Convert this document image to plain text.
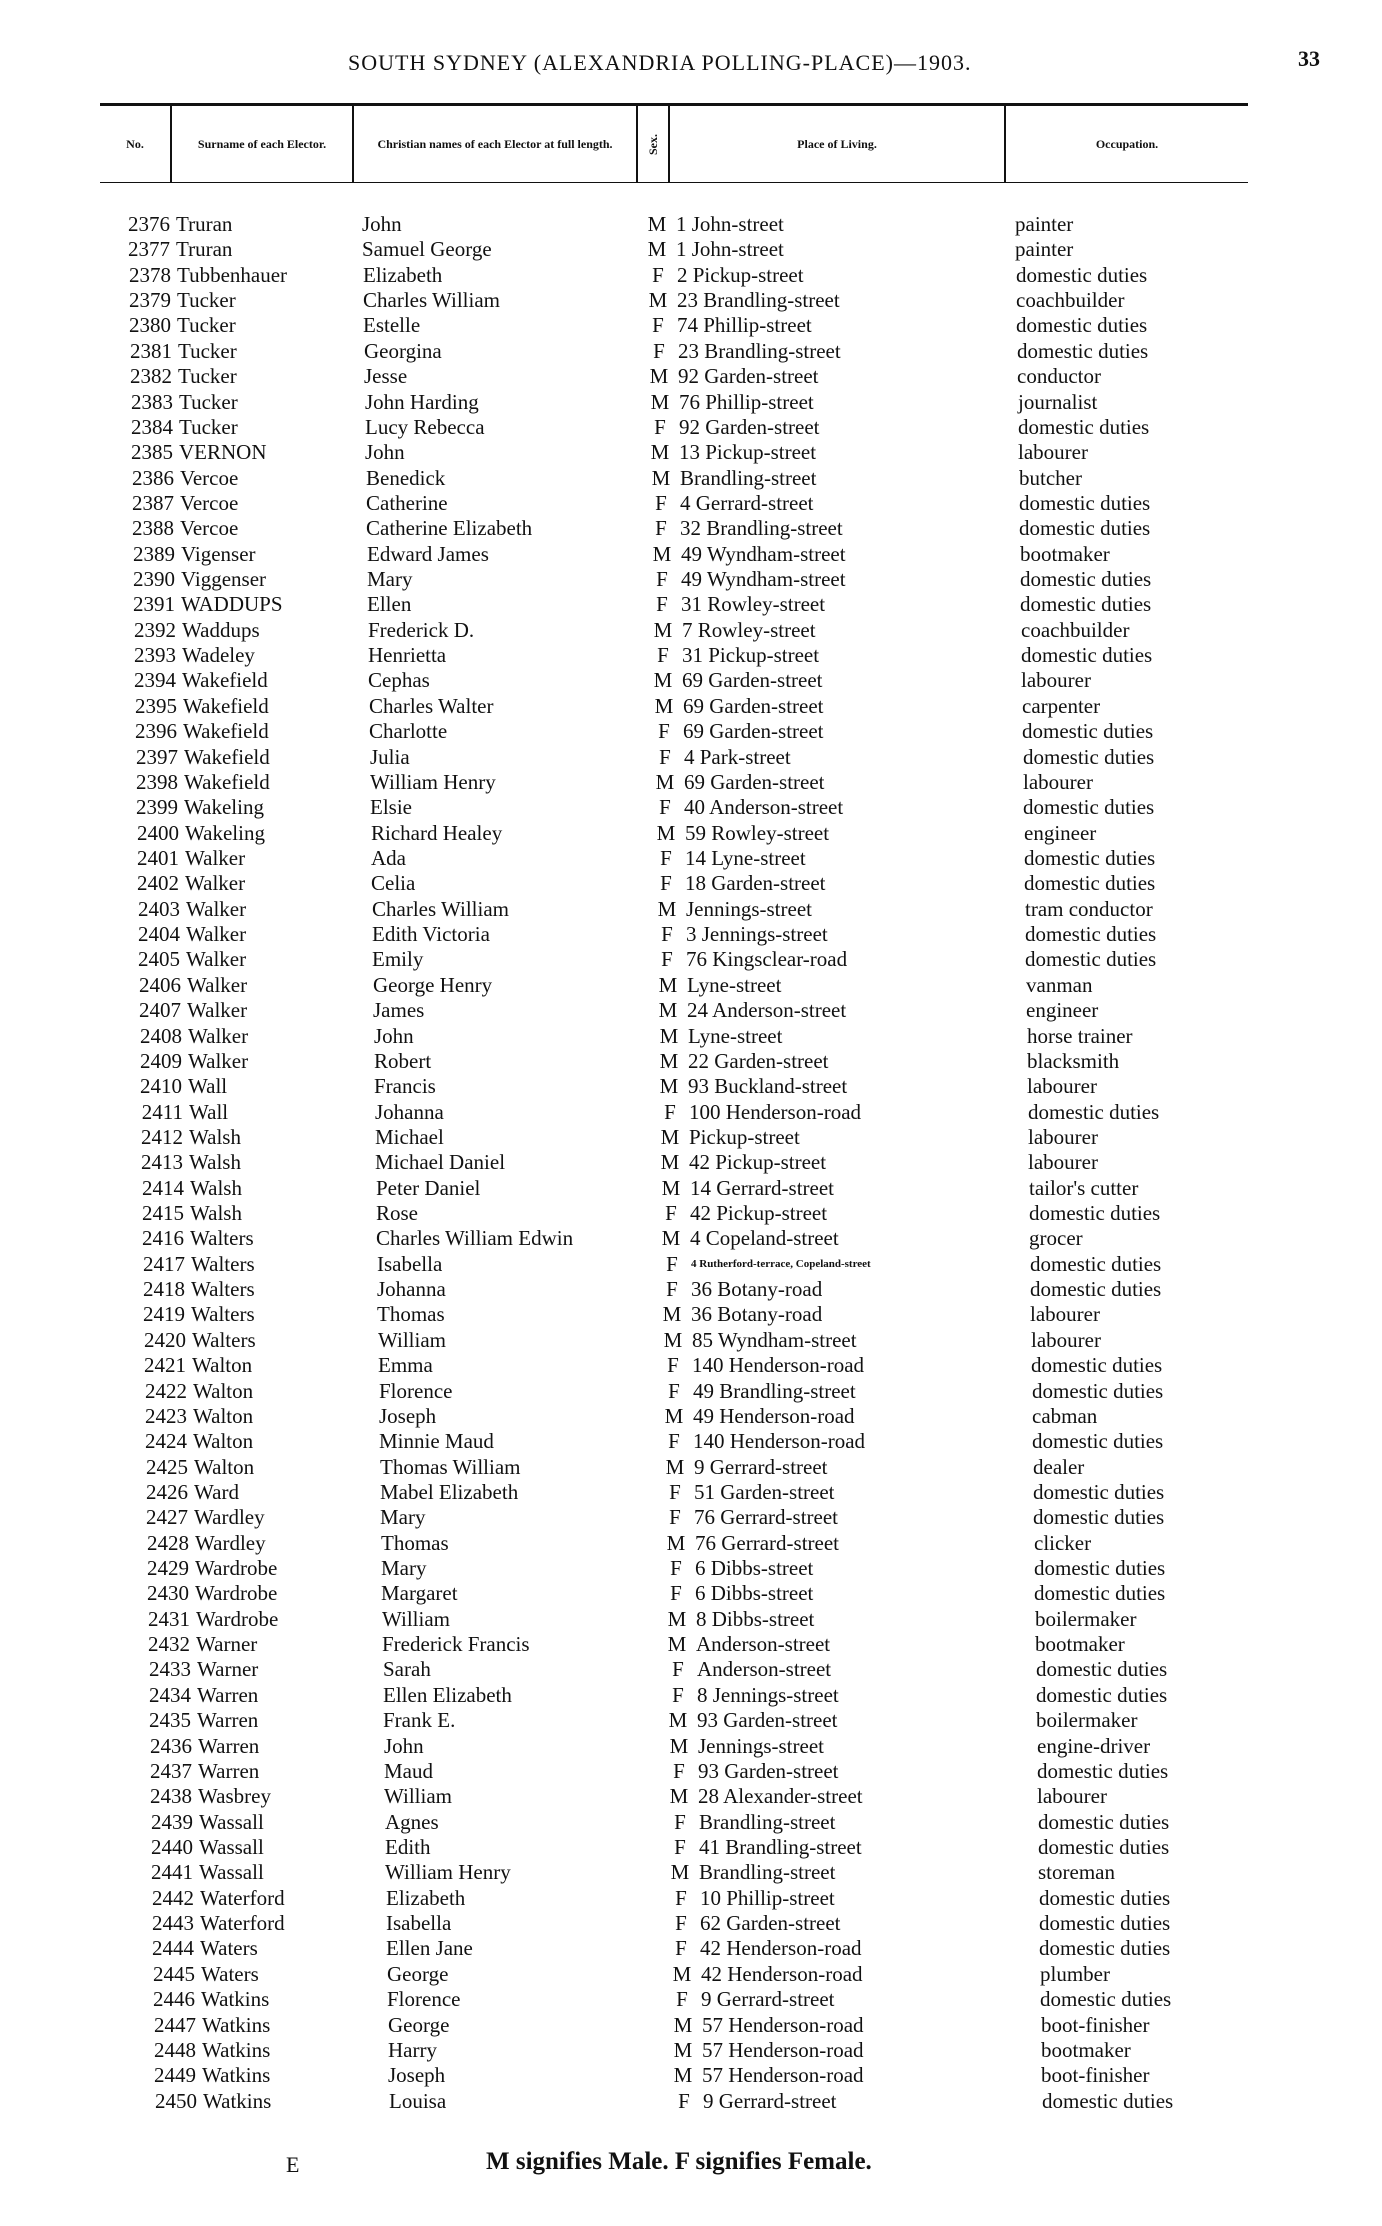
SOUTH SYDNEY (ALEXANDRIA POLLING-PLACE)—1903.	33
No.	Surname of each Elector.	Christian names of each Elector at full length.	Sex.	Place of Living.	Occupation.
2376 Truran	John	M 1 John-street	painter
2377 Truran	Samuel George	M 1 John-street	painter
2378 Tubbenhauer	Elizabeth	F 2 Pickup-street	domestic duties
2379 Tucker	Charles William	M 23 Brandling-street	coachbuilder
2380 Tucker	Estelle	F 74 Phillip-street	domestic duties
2381 Tucker	Georgina	F 23 Brandling-street	domestic duties
2382 Tucker	Jesse	M 92 Garden-street	conductor
2383 Tucker	John Harding	M 76 Phillip-street	journalist
2384 Tucker	Lucy Rebecca	F 92 Garden-street	domestic duties
2385 VERNON	John	M 13 Pickup-street	labourer
2386 Vercoe	Benedick	M Brandling-street	butcher
2387 Vercoe	Catherine	F 4 Gerrard-street	domestic duties
2388 Vercoe	Catherine Elizabeth	F 32 Brandling-street	domestic duties
2389 Vigenser	Edward James	M 49 Wyndham-street	bootmaker
2390 Viggenser	Mary	F 49 Wyndham-street	domestic duties
2391 WADDUPS	Ellen	F 31 Rowley-street	domestic duties
2392 Waddups	Frederick D.	M 7 Rowley-street	coachbuilder
2393 Wadeley	Henrietta	F 31 Pickup-street	domestic duties
2394 Wakefield	Cephas	M 69 Garden-street	labourer
2395 Wakefield	Charles Walter	M 69 Garden-street	carpenter
2396 Wakefield	Charlotte	F 69 Garden-street	domestic duties
2397 Wakefield	Julia	F 4 Park-street	domestic duties
2398 Wakefield	William Henry	M 69 Garden-street	labourer
2399 Wakeling	Elsie	F 40 Anderson-street	domestic duties
2400 Wakeling	Richard Healey	M 59 Rowley-street	engineer
2401 Walker	Ada	F 14 Lyne-street	domestic duties
2402 Walker	Celia	F 18 Garden-street	domestic duties
2403 Walker	Charles William	M Jennings-street	tram conductor
2404 Walker	Edith Victoria	F 3 Jennings-street	domestic duties
2405 Walker	Emily	F 76 Kingsclear-road	domestic duties
2406 Walker	George Henry	M Lyne-street	vanman
2407 Walker	James	M 24 Anderson-street	engineer
2408 Walker	John	M Lyne-street	horse trainer
2409 Walker	Robert	M 22 Garden-street	blacksmith
2410 Wall	Francis	M 93 Buckland-street	labourer
2411 Wall	Johanna	F 100 Henderson-road	domestic duties
2412 Walsh	Michael	M Pickup-street	labourer
2413 Walsh	Michael Daniel	M 42 Pickup-street	labourer
2414 Walsh	Peter Daniel	M 14 Gerrard-street	tailor's cutter
2415 Walsh	Rose	F 42 Pickup-street	domestic duties
2416 Walters	Charles William Edwin	M 4 Copeland-street	grocer
2417 Walters	Isabella	F	4 Rutherford-terrace, Copeland-street	domestic duties
2418 Walters	Johanna	F 36 Botany-road	domestic duties
2419 Walters	Thomas	M 36 Botany-road	labourer
2420 Walters	William	M 85 Wyndham-street	labourer
2421 Walton	Emma	F 140 Henderson-road	domestic duties
2422 Walton	Florence	F 49 Brandling-street	domestic duties
2423 Walton	Joseph	M 49 Henderson-road	cabman
2424 Walton	Minnie Maud	F 140 Henderson-road	domestic duties
2425 Walton	Thomas William	M 9 Gerrard-street	dealer
2426 Ward	Mabel Elizabeth	F 51 Garden-street	domestic duties
2427 Wardley	Mary	F 76 Gerrard-street	domestic duties
2428 Wardley	Thomas	M 76 Gerrard-street	clicker
2429 Wardrobe	Mary	F 6 Dibbs-street	domestic duties
2430 Wardrobe	Margaret	F 6 Dibbs-street	domestic duties
2431 Wardrobe	William	M 8 Dibbs-street	boilermaker
2432 Warner	Frederick Francis	M Anderson-street	bootmaker
2433 Warner	Sarah	F Anderson-street	domestic duties
2434 Warren	Ellen Elizabeth	F 8 Jennings-street	domestic duties
2435 Warren	Frank E.	M 93 Garden-street	boilermaker
2436 Warren	John	M Jennings-street	engine-driver
2437 Warren	Maud	F 93 Garden-street	domestic duties
2438 Wasbrey	William	M 28 Alexander-street	labourer
2439 Wassall	Agnes	F Brandling-street	domestic duties
2440 Wassall	Edith	F 41 Brandling-street	domestic duties
2441 Wassall	William Henry	M Brandling-street	storeman
2442 Waterford	Elizabeth	F 10 Phillip-street	domestic duties
2443 Waterford	Isabella	F 62 Garden-street	domestic duties
2444 Waters	Ellen Jane	F 42 Henderson-road	domestic duties
2445 Waters	George	M 42 Henderson-road	plumber
2446 Watkins	Florence	F 9 Gerrard-street	domestic duties
2447 Watkins	George	M 57 Henderson-road	boot-finisher
2448 Watkins	Harry	M 57 Henderson-road	bootmaker
2449 Watkins	Joseph	M 57 Henderson-road	boot-finisher
2450 Watkins	Louisa	F 9 Gerrard-street	domestic duties
E	M signifies Male. F signifies Female.
